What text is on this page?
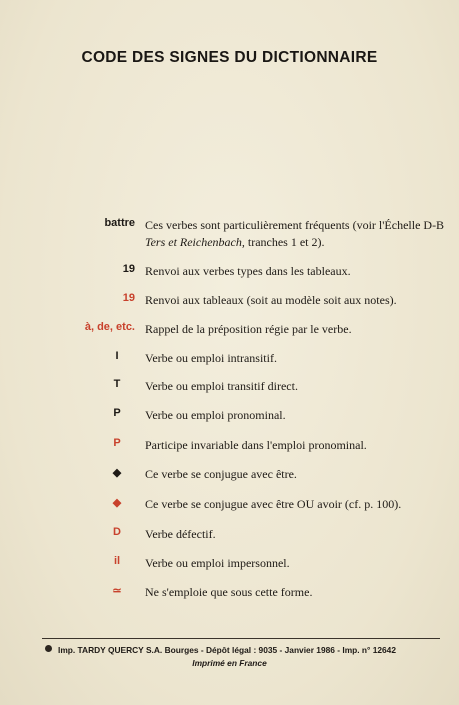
CODE DES SIGNES DU DICTIONNAIRE
battre Ces verbes sont particulièrement fréquents (voir l'Échelle D-B
Ters et Reichenbach, tranches 1 et 2).
19 Renvoi aux verbes types dans les tableaux.
19 Renvoi aux tableaux (soit au modèle soit aux notes).
à, de, etc. Rappel de la préposition régie par le verbe.
I	Verbe ou emploi intransitif.
T	Verbe ou emploi transitif direct.
P	Verbe ou emploi pronominal.
P	Participe invariable dans l'emploi pronominal.
◆	Ce verbe se conjugue avec être.
◆	Ce verbe se conjugue avec être OU avoir (cf. p. 100).
D	Verbe défectif.
il	Verbe ou emploi impersonnel.
≃	Ne s'emploie que sous cette forme.
Imp. TARDY QUERCY S.A. Bourges - Dépôt légal : 9035 - Janvier 1986 - Imp. n° 12642
Imprimé en France
